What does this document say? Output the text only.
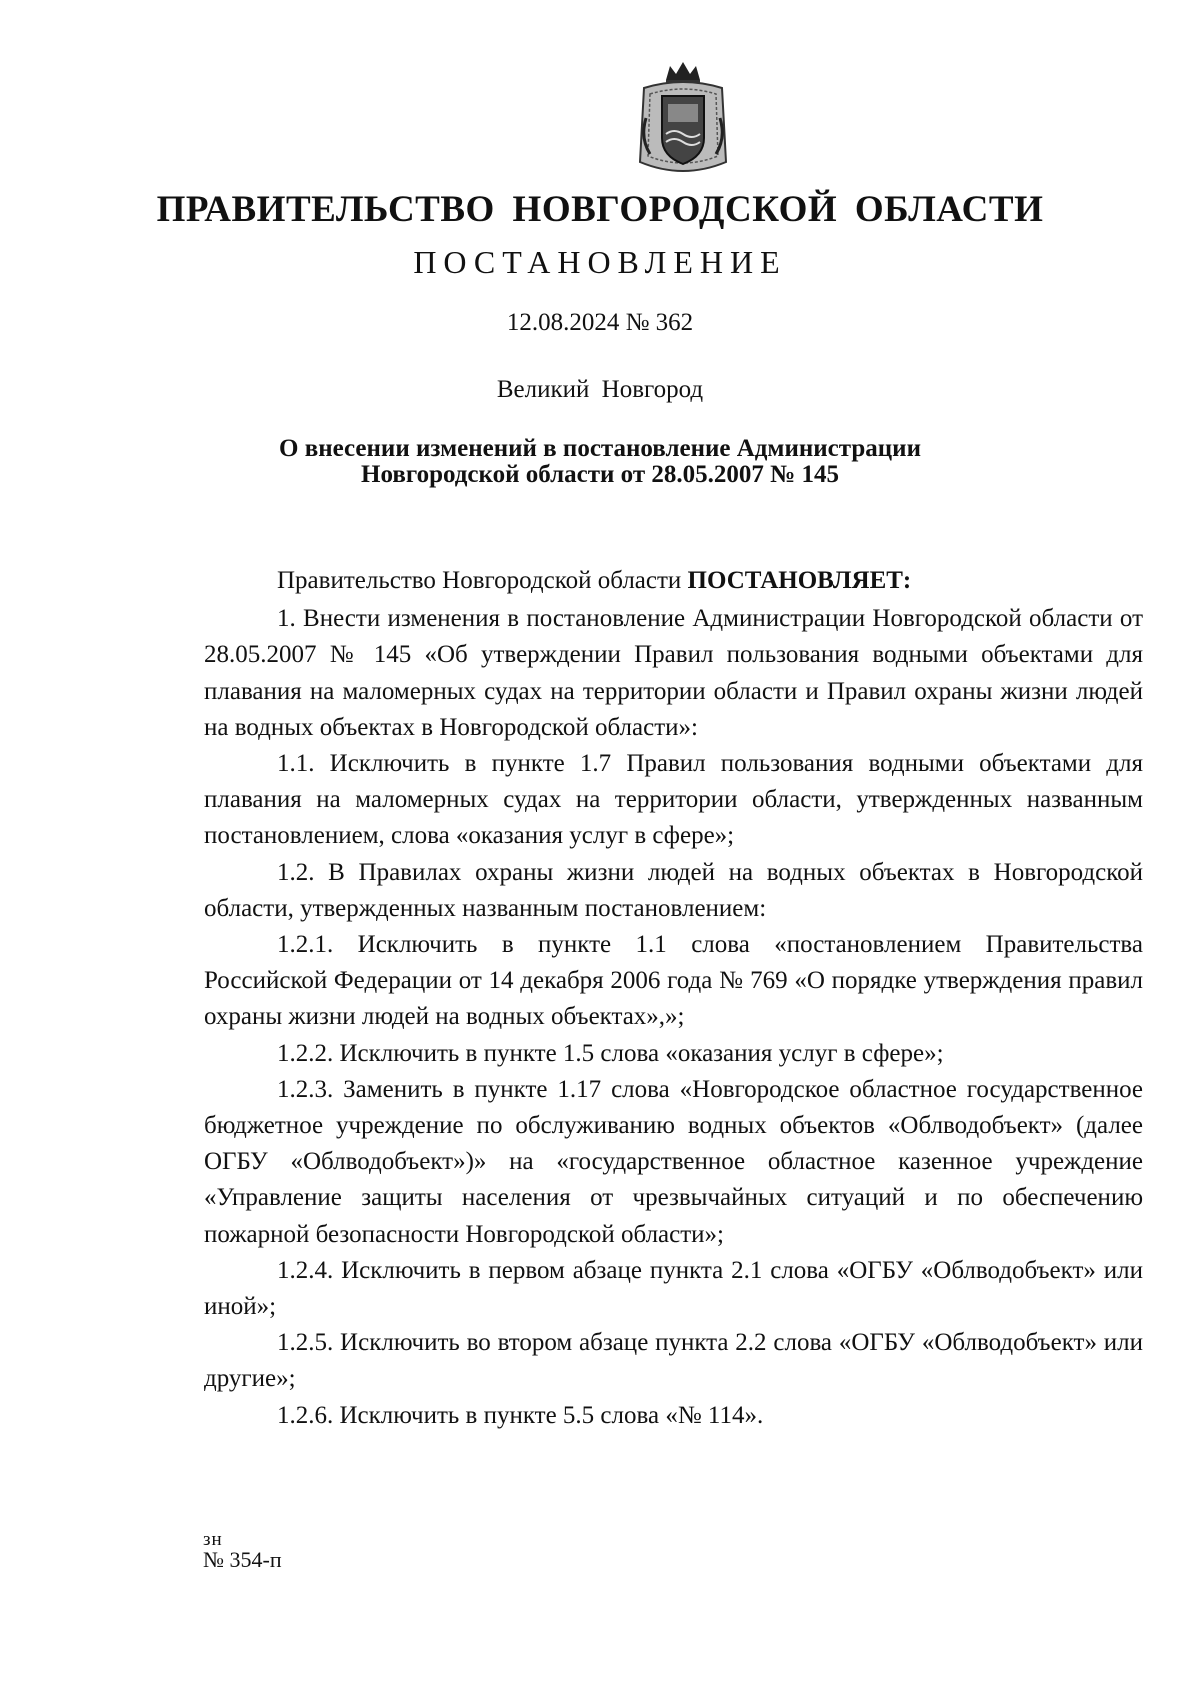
ПРАВИТЕЛЬСТВО НОВГОРОДСКОЙ ОБЛАСТИ
ПОСТАНОВЛЕНИЕ
12.08.2024 № 362
Великий Новгород
О внесении изменений в постановление Администрации
Новгородской области от 28.05.2007 № 145

Правительство Новгородской области ПОСТАНОВЛЯЕТ:

1. Внести изменения в постановление Администрации Новгородской области от 28.05.2007 № 145 «Об утверждении Правил пользования водными объектами для плавания на маломерных судах на территории области и Правил охраны жизни людей на водных объектах в Новгородской области»:

1.1. Исключить в пункте 1.7 Правил пользования водными объектами для плавания на маломерных судах на территории области, утвержденных названным постановлением, слова «оказания услуг в сфере»;

1.2. В Правилах охраны жизни людей на водных объектах в Новгородской области, утвержденных названным постановлением:

1.2.1. Исключить в пункте 1.1 слова «постановлением Правительства Российской Федерации от 14 декабря 2006 года № 769 «О порядке утверждения правил охраны жизни людей на водных объектах»,»;

1.2.2. Исключить в пункте 1.5 слова «оказания услуг в сфере»;

1.2.3. Заменить в пункте 1.17 слова «Новгородское областное государственное бюджетное учреждение по обслуживанию водных объектов «Облводобъект» (далее ОГБУ «Облводобъект»)» на «государственное областное казенное учреждение «Управление защиты населения от чрезвычайных ситуаций и по обеспечению пожарной безопасности Новгородской области»;

1.2.4. Исключить в первом абзаце пункта 2.1 слова «ОГБУ «Облводобъект» или иной»;

1.2.5. Исключить во втором абзаце пункта 2.2 слова «ОГБУ «Облводобъект» или другие»;

1.2.6. Исключить в пункте 5.5 слова «№ 114».

зн
№ 354-п
